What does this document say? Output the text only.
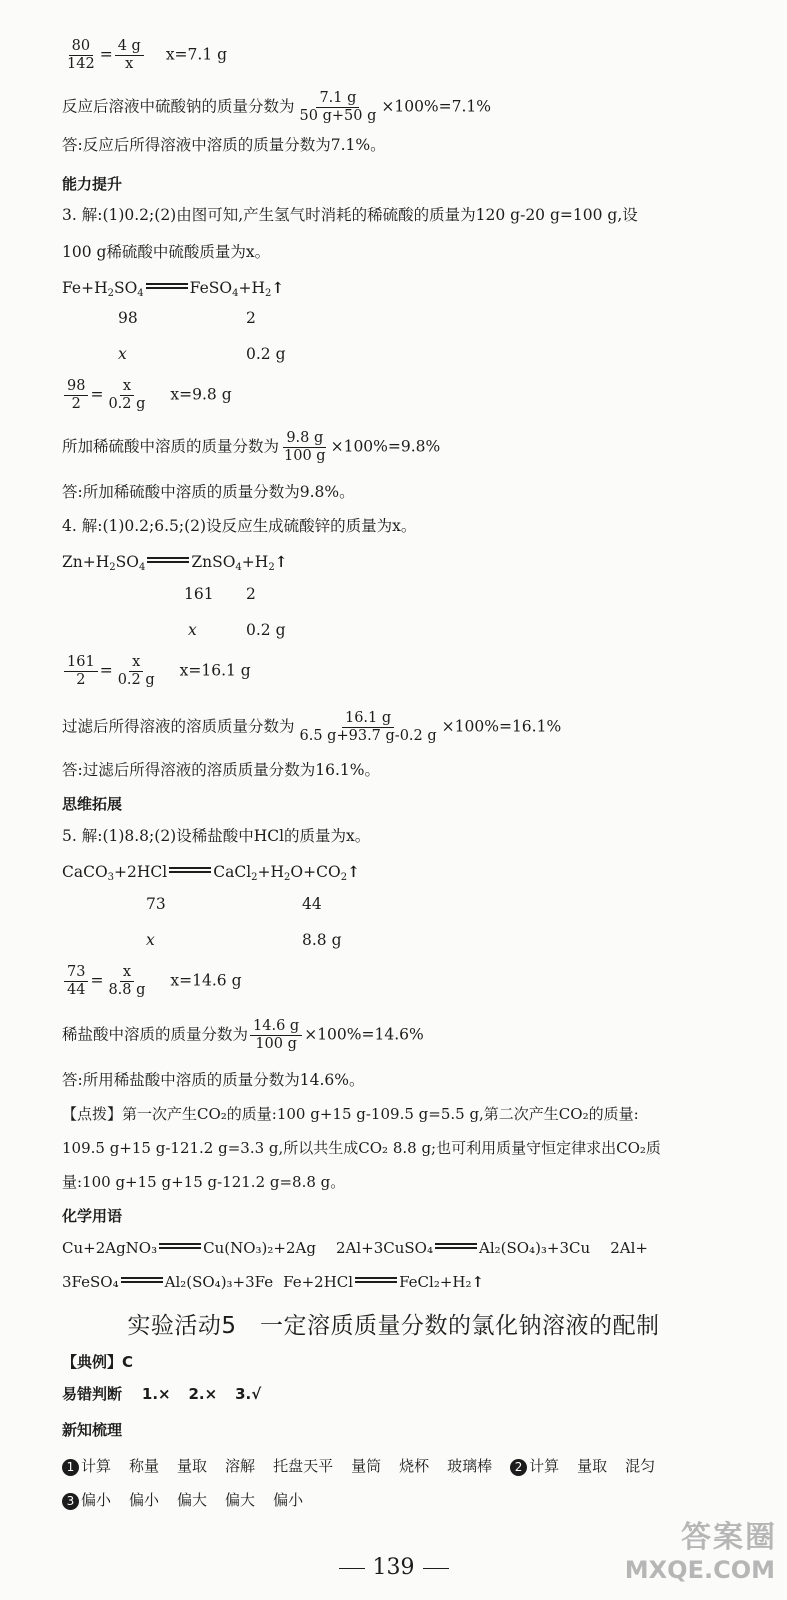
$\frac{80}{142} = \frac{4 g}{x} x=7.1$ g
反应后溶液中硫酸钠的质量分数为 $\frac{7.1 g}{50 g+50 g} \times 100\%=7.1\%$
答:反应后所得溶液中溶质的质量分数为7.1%。
能力提升
3. 解:(1)0.2;(2)由图可知,产生氢气时消耗的稀硫酸的质量为120 g-20 g=100 g,设
100 g稀硫酸中硫酸质量为x。
$Fe+H_2SO_4$	$FeSO_4+H_2↑$
98	2
x	0.2 g
$\frac{98}{2} = \frac{x}{0.2 g} x=9.8$ g
所加稀硫酸中溶质的质量分数为 $\frac{9.8 g}{100 g} \times 100\%=9.8\%$
答:所加稀硫酸中溶质的质量分数为9.8%。
4. 解:(1)0.2;6.5;(2)设反应生成硫酸锌的质量为x。
$Zn+H_2SO_4$	$ZnSO_4+H_2↑$
161 2
x	0.2 g
$\frac{161}{2} = \frac{x}{0.2 g} x=16.1$ g
过滤后所得溶液的溶质质量分数为 $\frac{16.1 g}{6.5 g+93.7 g-0.2 g} \times 100\%=16.1\%$
答:过滤后所得溶液的溶质质量分数为16.1%。
思维拓展
5. 解:(1)8.8;(2)设稀盐酸中HCl的质量为x。
CaCO$_3$+2HCl	$CaCl_2+H_2O+CO_2↑$
73	44
x	8.8 g
$\frac{73}{44} = \frac{x}{8.8 g} x=14.6$ g
稀盐酸中溶质的质量分数为 $\frac{14.6 g}{100 g} \times 100\%=14.6\%$
答:所用稀盐酸中溶质的质量分数为14.6%。
【点拨】第一次产生CO₂的质量:100 g+15 g-109.5 g=5.5 g,第二次产生CO₂的质量:
109.5 g+15 g-121.2 g=3.3 g,所以共生成CO₂ 8.8 g;也可利用质量守恒定律求出CO₂质
量:100 g+15 g+15 g-121.2 g=8.8 g。
化学用语
Cu+2AgNO₃	Cu(NO₃)₂+2Ag 2Al+3CuSO₄	Al₂(SO₄)₃+3Cu 2Al+
3FeSO₄	Al₂(SO₄)₃+3Fe Fe+2HCl	FeCl₂+H₂↑
实验活动5　一定溶质质量分数的氯化钠溶液的配制
【典例】C
易错判断 1.× 2.× 3.√
新知梳理
1 计算 称量 量取 溶解 托盘天平 量筒 烧杯 玻璃棒 2 计算 量取 混匀
3 偏小 偏小 偏大 偏大 偏小
139
答案圈
MXQE.COM
